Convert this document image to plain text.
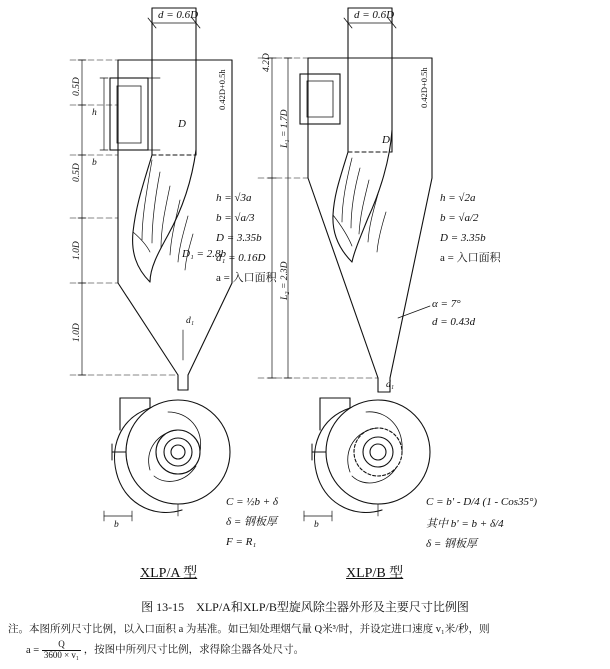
d = 0.6D
0.42D+0.5h
0.5D
0.5D
1.0D
1.0D
h
b
D
d₁
h = √3a
b = √a/3
D = 3.35b
D₁ = 2.8b
d₁ = 0.16D
a = 入口面积
d = 0.6D
0.42D+0.5h
4.2D
L₁ = 1.7D
L₂ = 2.3D
D
d₁
h = √2a
b = √a/2
D = 3.35b
a = 入口面积
α = 7°
d = 0.43d
C = ½b + δ
δ = 钢板厚
F = R₁
b
C = b' - D/4 (1 - Cos35°)
其中 b' = b + δ/4
δ = 钢板厚
b
XLP/A 型	XLP/B 型
图 13-15 XLP/A和XLP/B型旋风除尘器外形及主要尺寸比例图
注。本图所列尺寸比例，以入口面积 a 为基准。如已知处理烟气量 Q米³/时，并设定进口速度 v₁米/秒，则
$a = \frac{Q}{\text{3600 × v₁}}$ ，按图中所列尺寸比例，求得除尘器各处尺寸。
